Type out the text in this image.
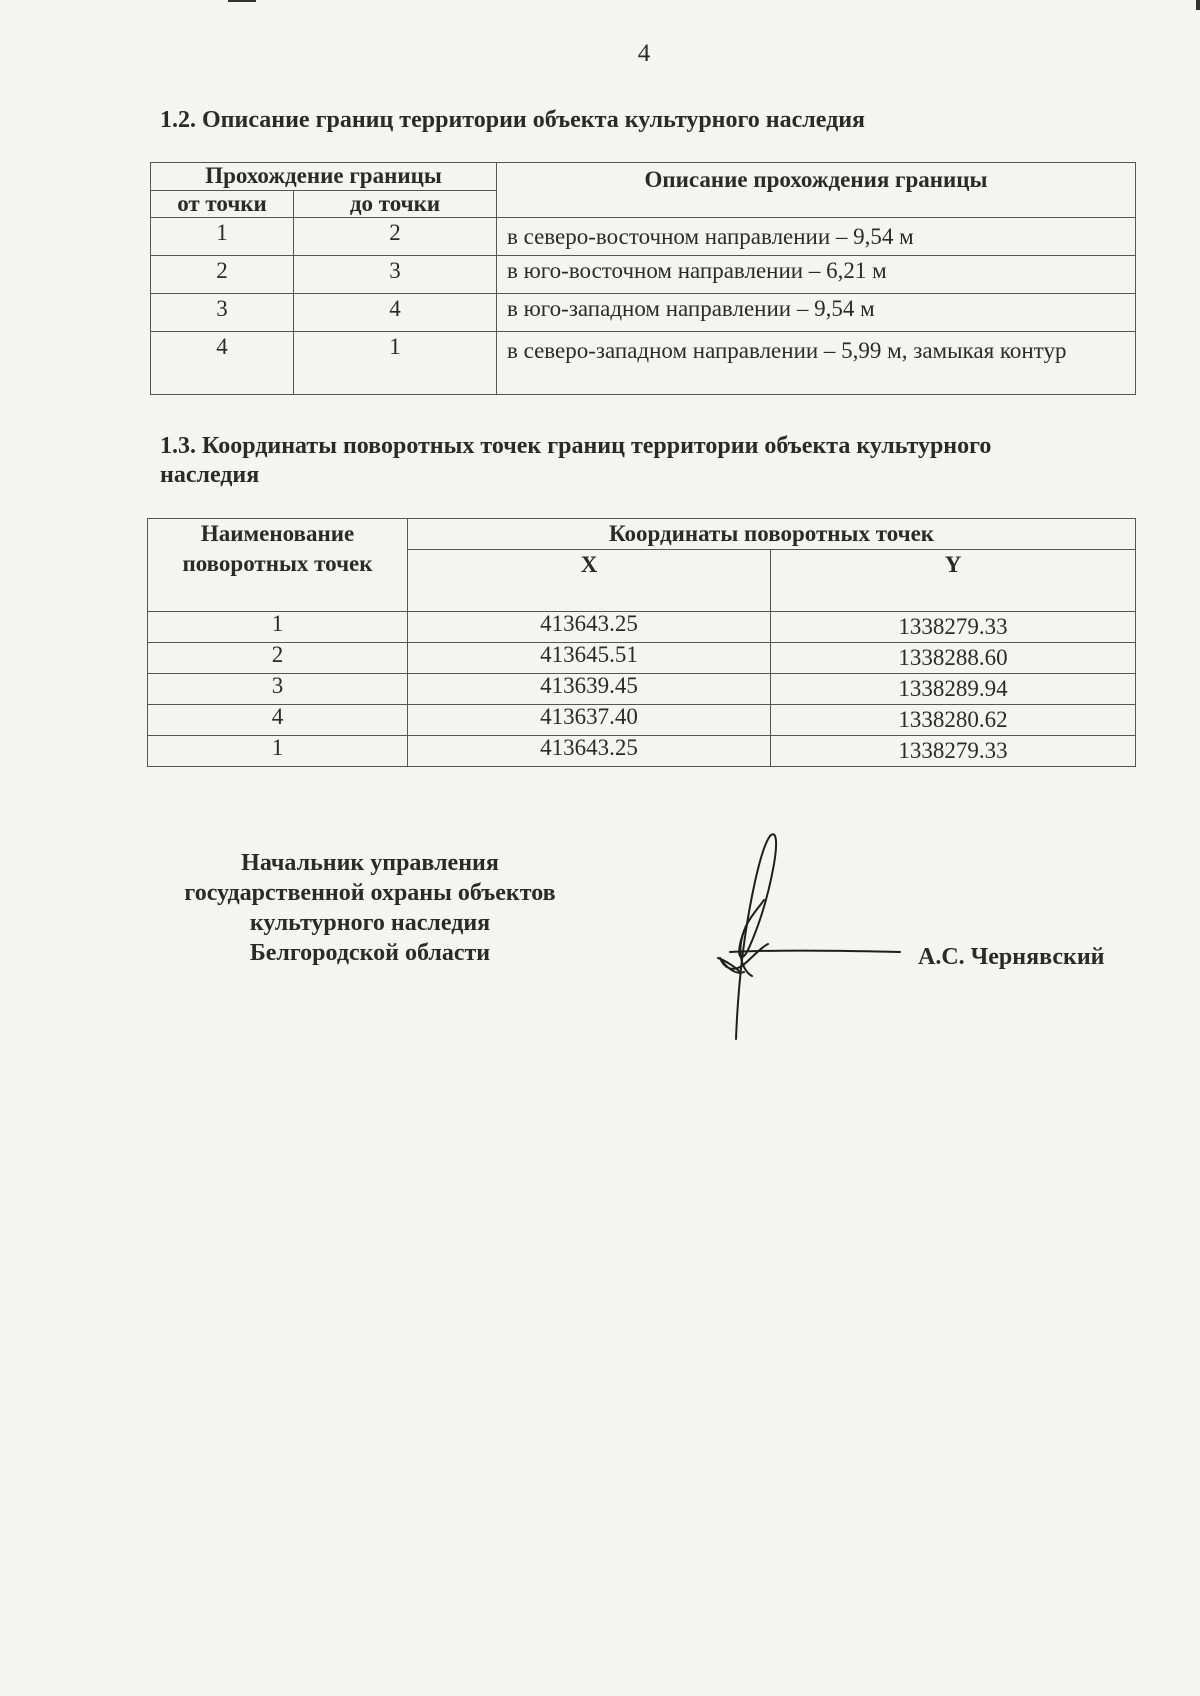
4
1.2. Описание границ территории объекта культурного наследия
Прохождение границы		Описание прохождения границы
от точки	до точки	
1	2	в северо-восточном направлении – 9,54 м
2	3	в юго-восточном направлении – 6,21 м
3	4	в юго-западном направлении – 9,54 м
4	1	в северо-западном направлении – 5,99 м, замыкая контур
1.3. Координаты поворотных точек границ территории объекта культурного наследия
Наименование поворотных точек	Координаты поворотных точек	
	X	Y
1	413643.25	1338279.33
2	413645.51	1338288.60
3	413639.45	1338289.94
4	413637.40	1338280.62
1	413643.25	1338279.33
Начальник управления
государственной охраны объектов
культурного наследия
Белгородской области	А.С. Чернявский
